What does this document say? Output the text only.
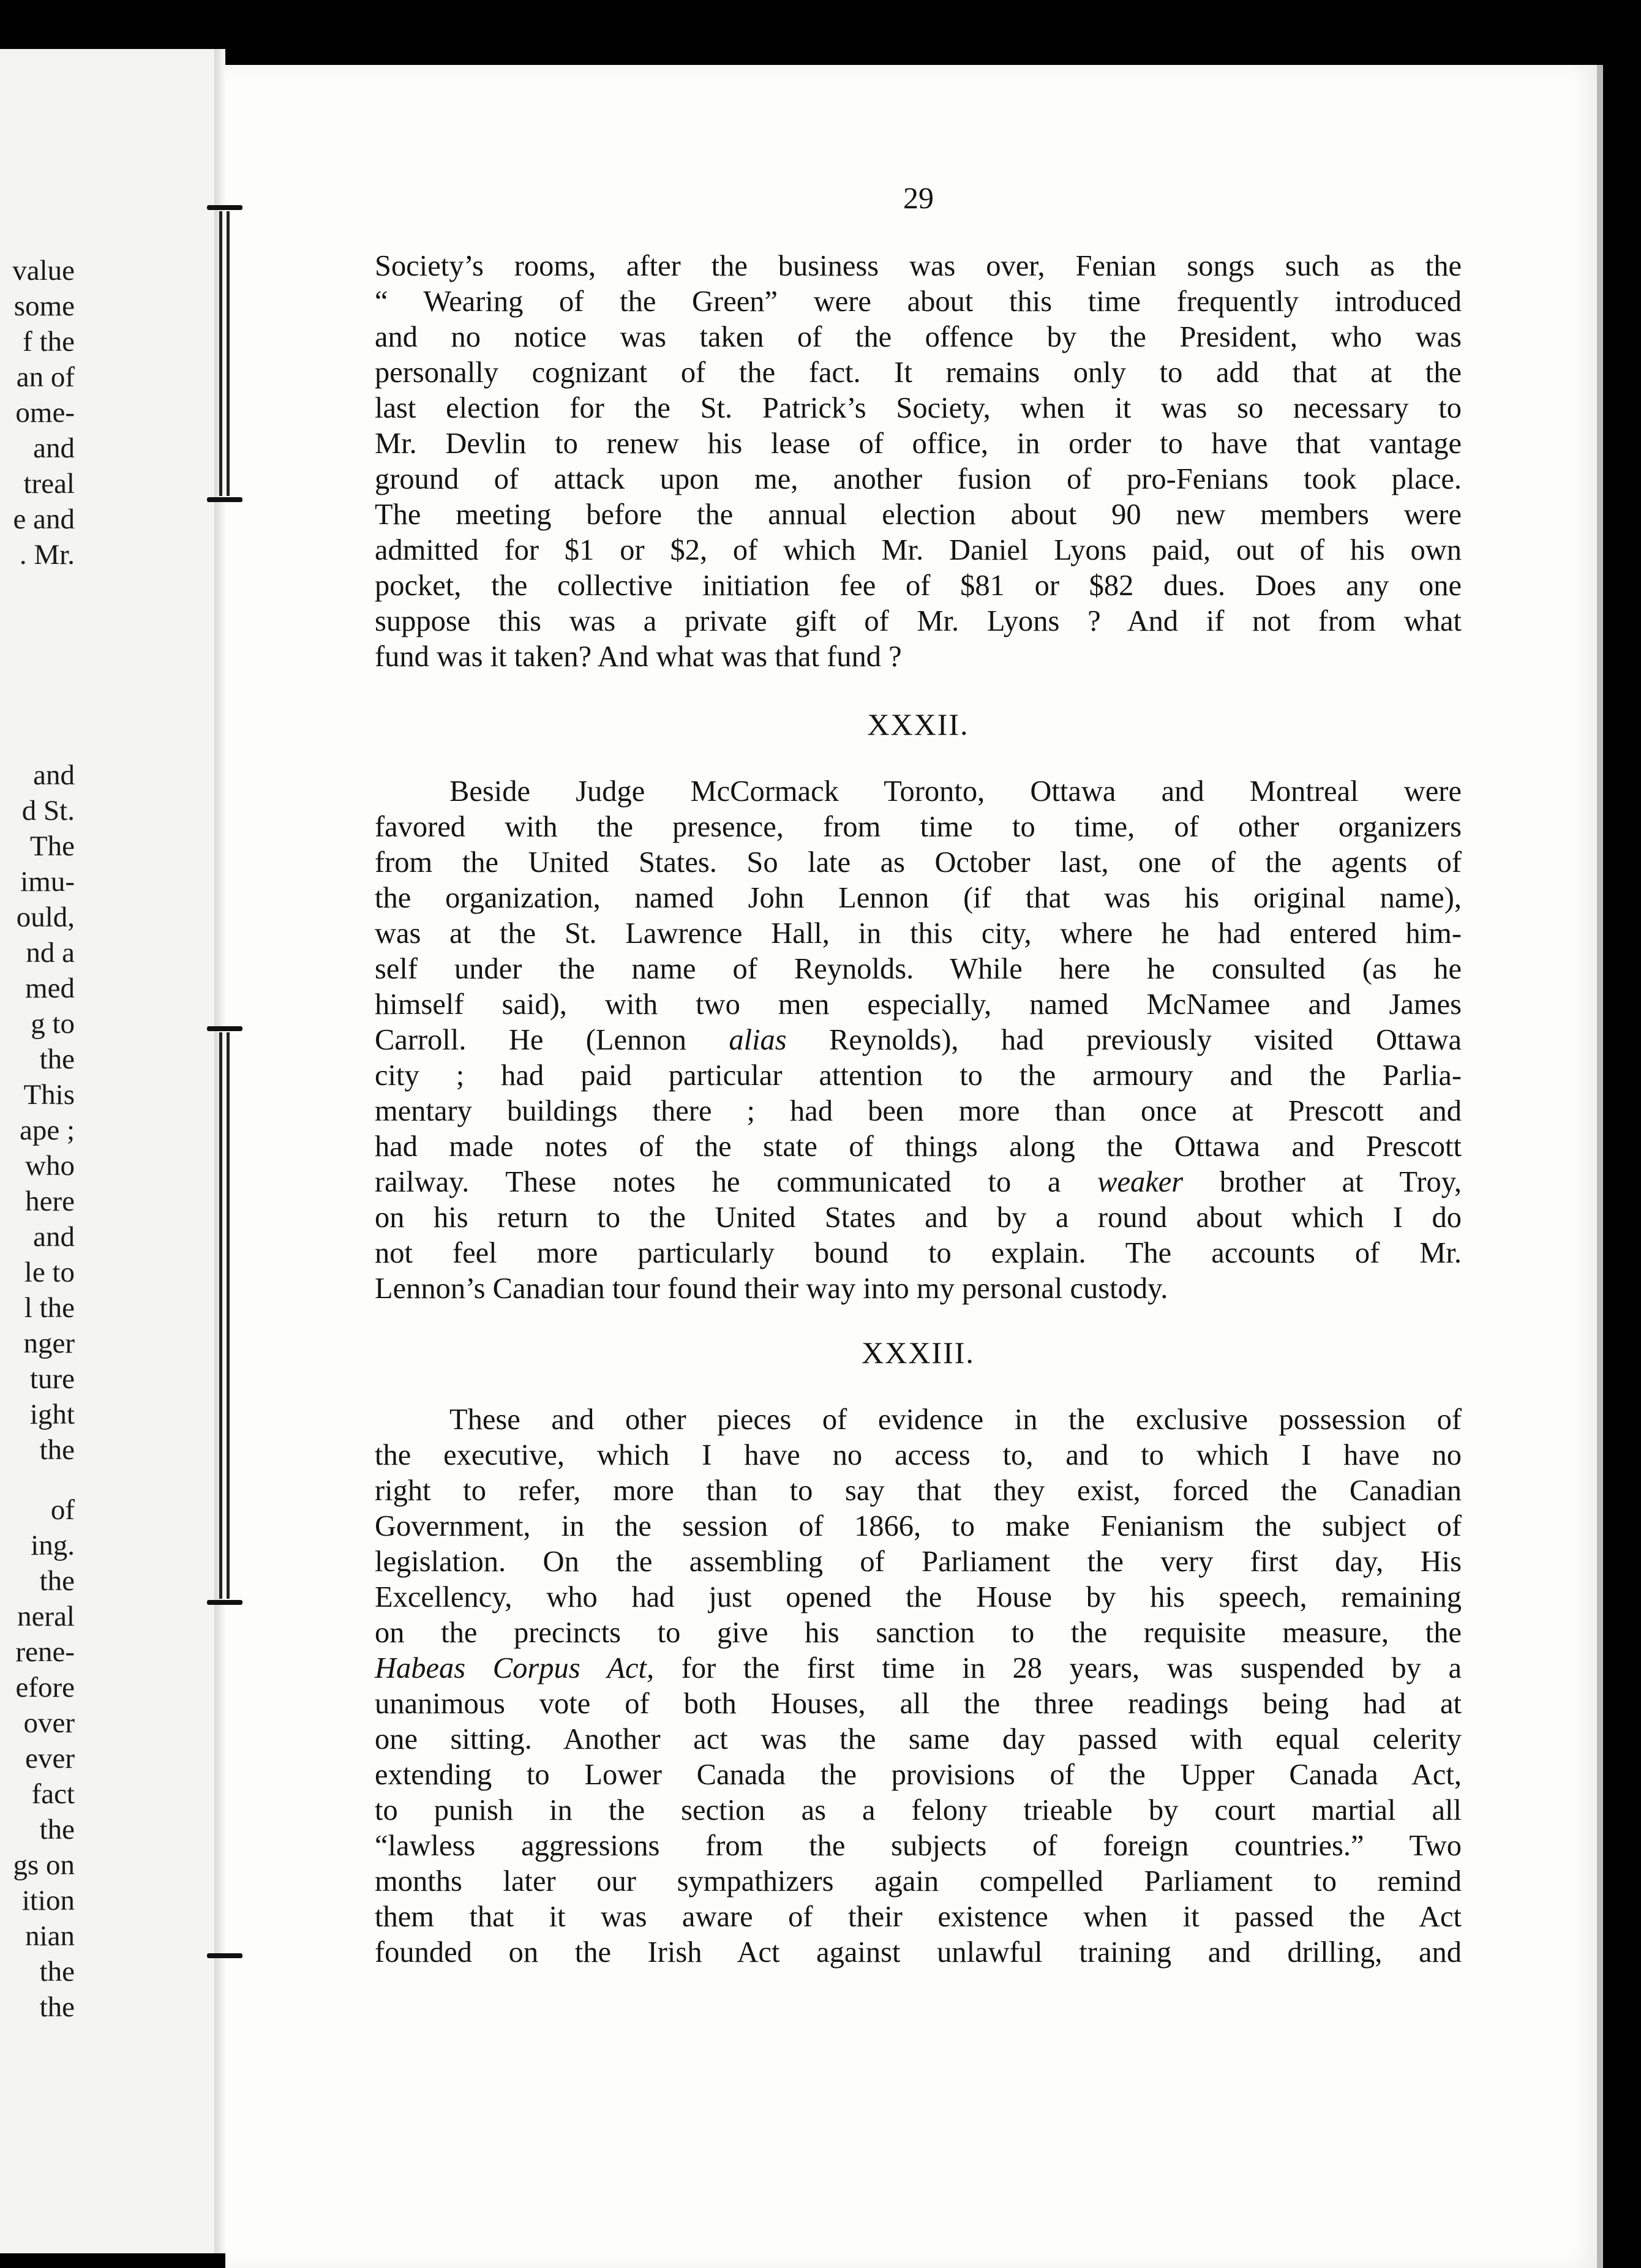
value
some
f the
an of
ome-
and
treal
e and
. Mr.
and
d St.
The
imu-
ould,
nd a
med
g to
the
This
ape ;
who
here
and
le to
l the
nger
ture
ight
the
of
ing.
the
neral
rene-
efore
over
ever
fact
the
gs on
ition
nian
the
the
29
Society’s rooms, after the business was over, Fenian songs such as the
“ Wearing of the Green” were about this time frequently introduced
and no notice was taken of the offence by the President, who was
personally cognizant of the fact. It remains only to add that at the
last election for the St. Patrick’s Society, when it was so necessary to
Mr. Devlin to renew his lease of office, in order to have that vantage
ground of attack upon me, another fusion of pro-Fenians took place.
The meeting before the annual election about 90 new members were
admitted for $1 or $2, of which Mr. Daniel Lyons paid, out of his own
pocket, the collective initiation fee of $81 or $82 dues. Does any one
suppose this was a private gift of Mr. Lyons ? And if not from what
fund was it taken? And what was that fund ?
XXXII.
Beside Judge McCormack Toronto, Ottawa and Montreal were
favored with the presence, from time to time, of other organizers
from the United States. So late as October last, one of the agents of
the organization, named John Lennon (if that was his original name),
was at the St. Lawrence Hall, in this city, where he had entered him-
self under the name of Reynolds. While here he consulted (as he
himself said), with two men especially, named McNamee and James
Carroll. He (Lennon alias Reynolds), had previously visited Ottawa
city ; had paid particular attention to the armoury and the Parlia-
mentary buildings there ; had been more than once at Prescott and
had made notes of the state of things along the Ottawa and Prescott
railway. These notes he communicated to a weaker brother at Troy,
on his return to the United States and by a round about which I do
not feel more particularly bound to explain. The accounts of Mr.
Lennon’s Canadian tour found their way into my personal custody.
XXXIII.
These and other pieces of evidence in the exclusive possession of
the executive, which I have no access to, and to which I have no
right to refer, more than to say that they exist, forced the Canadian
Government, in the session of 1866, to make Fenianism the subject of
legislation. On the assembling of Parliament the very first day, His
Excellency, who had just opened the House by his speech, remaining
on the precincts to give his sanction to the requisite measure, the
Habeas Corpus Act, for the first time in 28 years, was suspended by a
unanimous vote of both Houses, all the three readings being had at
one sitting. Another act was the same day passed with equal celerity
extending to Lower Canada the provisions of the Upper Canada Act,
to punish in the section as a felony trieable by court martial all
“lawless aggressions from the subjects of foreign countries.” Two
months later our sympathizers again compelled Parliament to remind
them that it was aware of their existence when it passed the Act
founded on the Irish Act against unlawful training and drilling, and
